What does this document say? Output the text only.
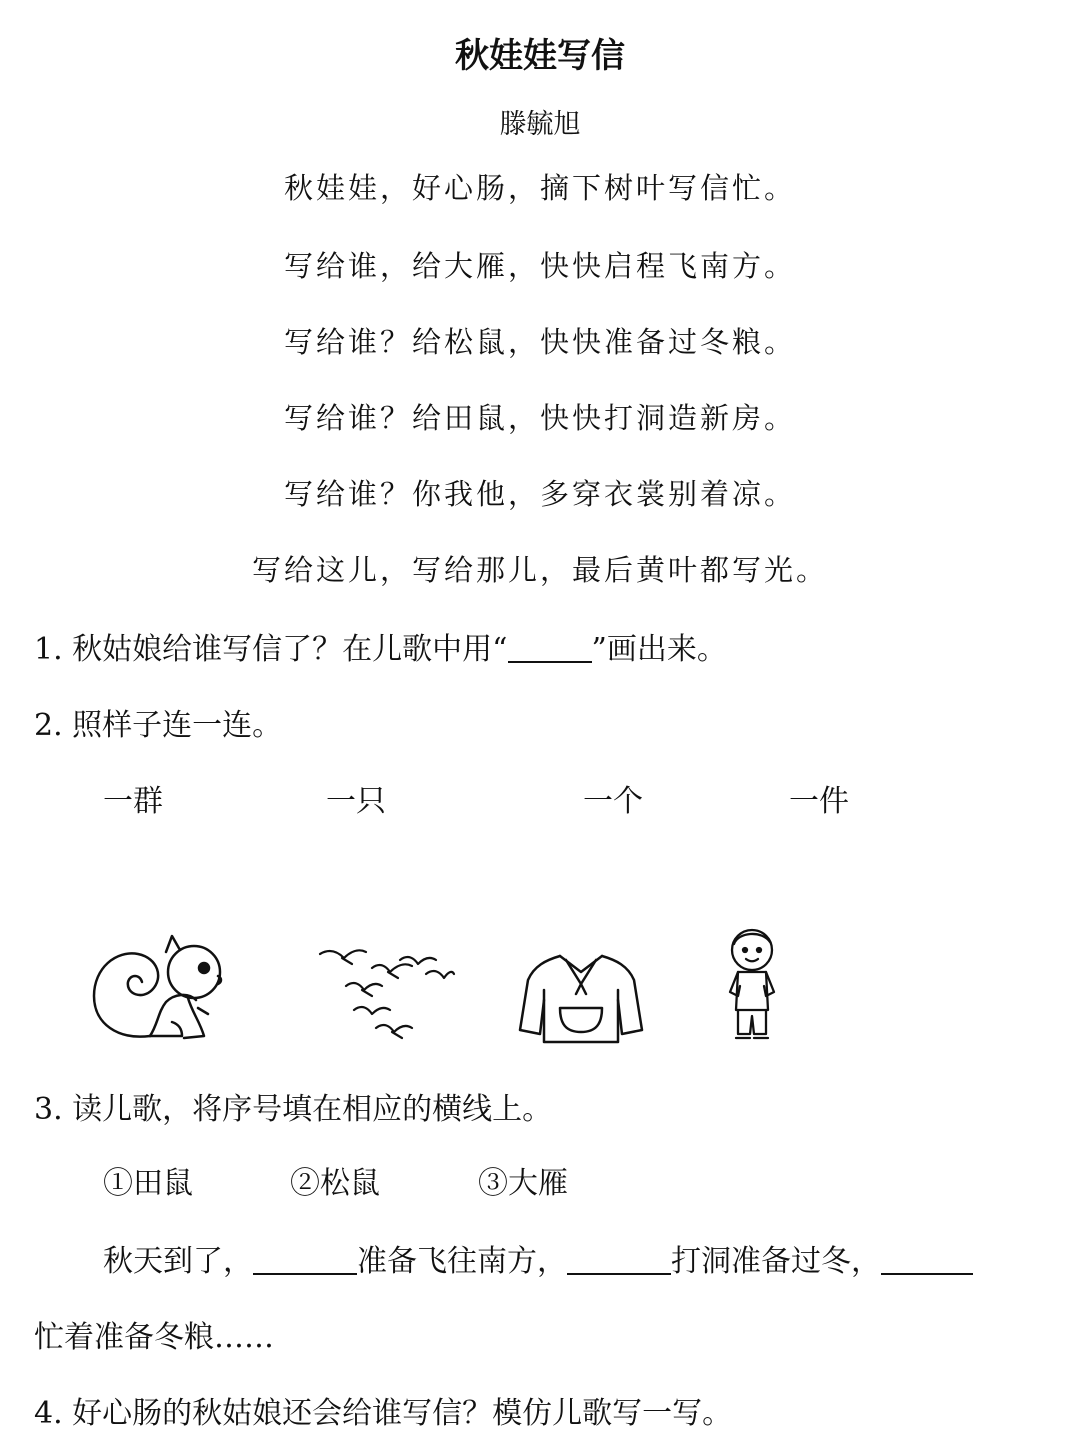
秋娃娃写信
滕毓旭
秋娃娃，好心肠，摘下树叶写信忙。
写给谁，给大雁，快快启程飞南方。
写给谁？给松鼠，快快准备过冬粮。
写给谁？给田鼠，快快打洞造新房。
写给谁？你我他，多穿衣裳别着凉。
写给这儿，写给那儿，最后黄叶都写光。
1. 秋姑娘给谁写信了？在儿歌中用“	”画出来。
2. 照样子连一连。
一群	一只	一个	一件
3. 读儿歌，将序号填在相应的横线上。
①田鼠	②松鼠	③大雁
秋天到了，	准备飞往南方，	打洞准备过冬，
忙着准备冬粮……
4. 好心肠的秋姑娘还会给谁写信？模仿儿歌写一写。
